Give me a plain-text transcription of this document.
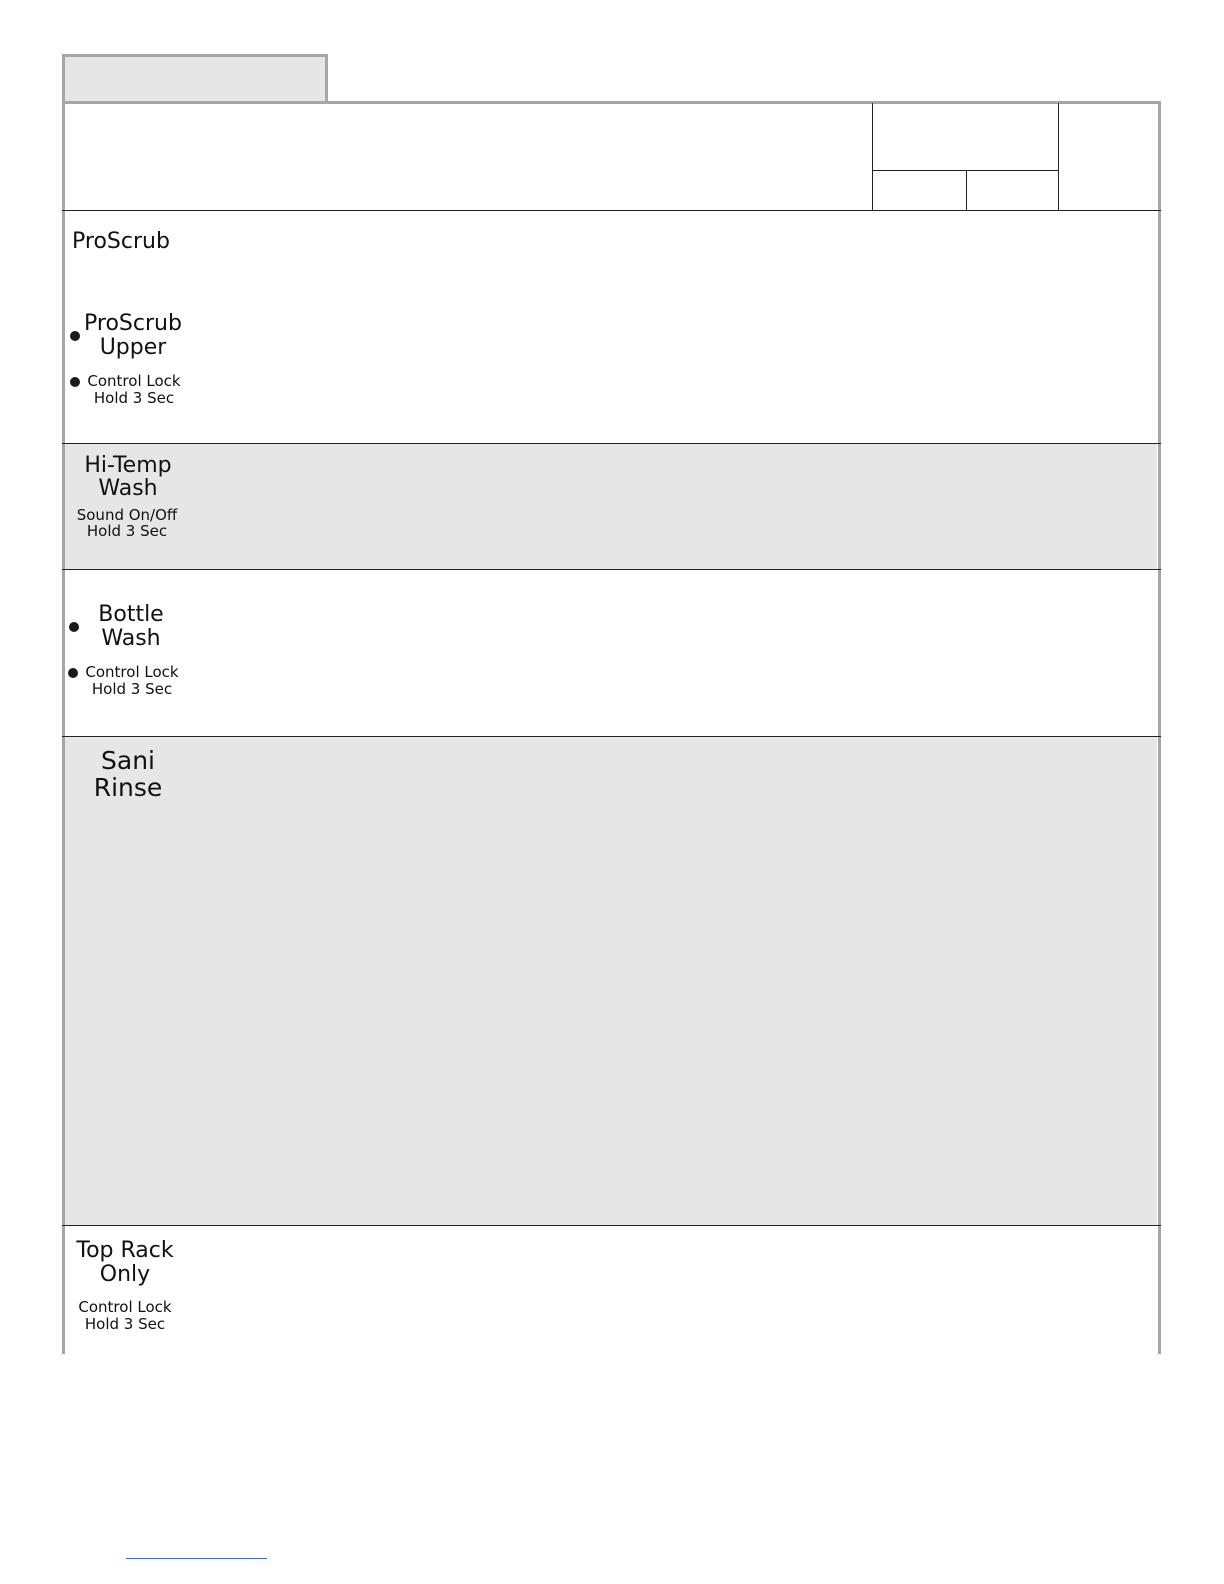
ProScrub
ProScrub
Upper
Control Lock
Hold 3 Sec
Hi-Temp
Wash
Sound On/Off
Hold 3 Sec
Bottle
Wash
Control Lock
Hold 3 Sec
Sani
Rinse
Top Rack
Only
Control Lock
Hold 3 Sec
